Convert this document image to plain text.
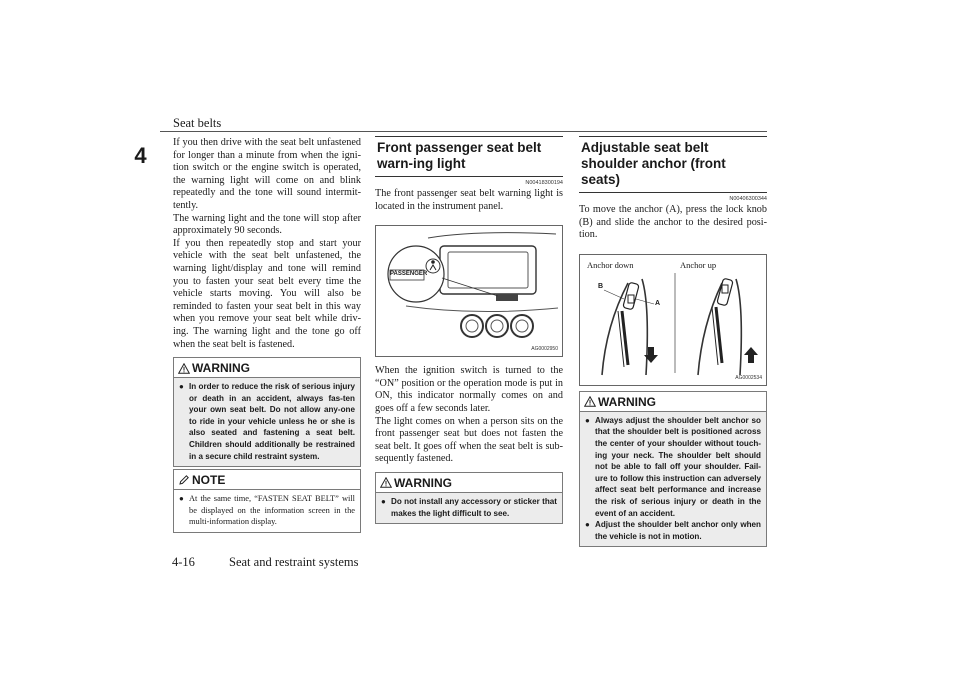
Seat belts
4

If you then drive with the seat belt unfastened for longer than a minute from when the igni-tion switch or the engine switch is operated, the warning light will come on and blink repeatedly and the tone will sound intermit-tently.

The warning light and the tone will stop after approximately 90 seconds.

If you then repeatedly stop and start your vehicle with the seat belt unfastened, the warning light/display and tone will remind you to fasten your seat belt every time the vehicle starts moving. You will also be reminded to fasten your seat belt in this way when you remove your seat belt while driv-ing. The warning light and the tone go off when the seat belt is fastened.

WARNING
● In order to reduce the risk of serious injury or death in an accident, always fas-ten your own seat belt. Do not allow any-one to ride in your vehicle unless he or she is also seated and fastening a seat belt. Children should additionally be restrained in a secure child restraint system.
NOTE
● At the same time, “FASTEN SEAT BELT” will be displayed on the information screen in the multi-information display.
Front passenger seat belt warn-ing light
N00418300194

The front passenger seat belt warning light is located in the instrument panel.

PASSENGER
AG0002950

When the ignition switch is turned to the “ON” position or the operation mode is put in ON, this indicator normally comes on and goes off a few seconds later.

The light comes on when a person sits on the front passenger seat but does not fasten the seat belt. It goes off when the seat belt is sub-sequently fastened.

WARNING
● Do not install any accessory or sticker that makes the light difficult to see.
Adjustable seat belt shoulder anchor (front seats)
N00406300344

To move the anchor (A), press the lock knob (B) and slide the anchor to the desired posi-tion.

Anchor down	Anchor up
B
A
AG0002534
WARNING
● Always adjust the shoulder belt anchor so that the shoulder belt is positioned across the center of your shoulder without touch-ing your neck. The shoulder belt should not be able to fall off your shoulder. Fail-ure to follow this instruction can adversely affect seat belt performance and increase the risk of serious injury or death in the event of an accident.
● Adjust the shoulder belt anchor only when the vehicle is not in motion.
4-16	Seat and restraint systems
